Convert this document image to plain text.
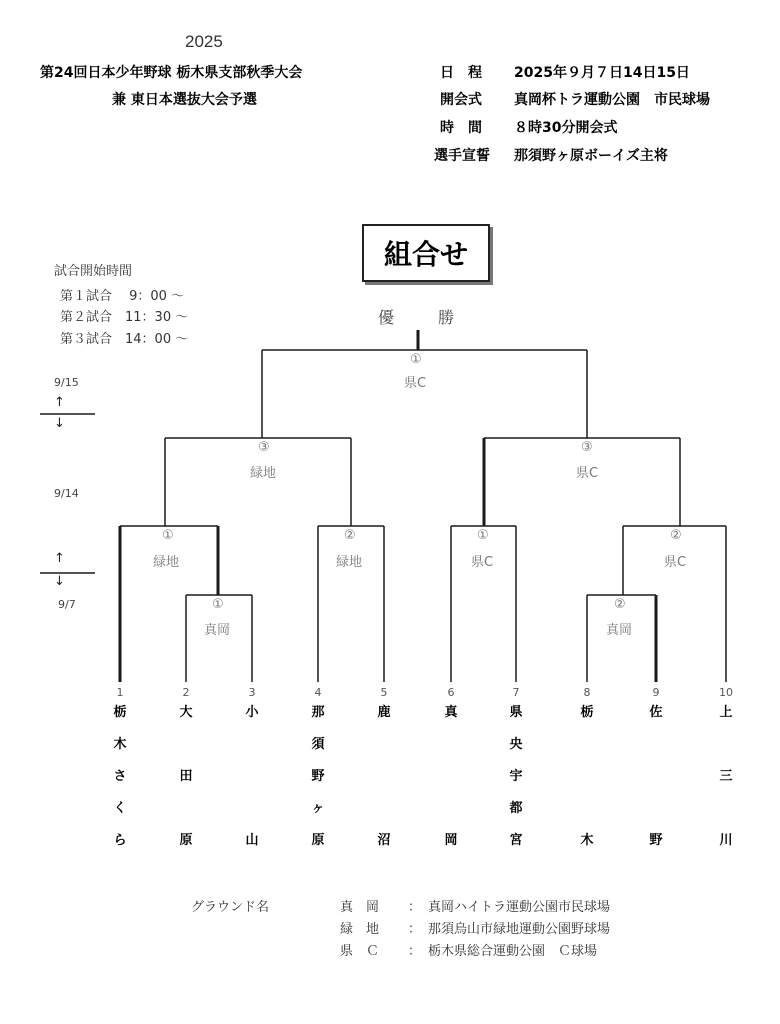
2025
第24回日本少年野球 栃木県支部秋季大会
兼 東日本選抜大会予選
日　程	2025年９月７日14日15日
開会式	真岡杯トラ運動公園　市民球場
時　間	８時30分開会式
選手宣誓	那須野ヶ原ボーイズ主将
組合せ
試合開始時間
第１試合　 9：00 ～
第２試合　11：30 ～
第３試合　14：00 ～
優	勝
9/15
↑
↓
9/14
↑
↓
9/7
①
県C
③
緑地
③
県C
①
緑地
②
緑地
①
県C
②
県C
①
真岡
②
真岡
1
栃
木
さ
く
ら
2
大
田
原
3
小
山
4
那
須
野
ヶ
原
5
鹿
沼
6
真
岡
7
県
央
宇
都
宮
8
栃
木
9
佐
野
10
上
三
川
グラウンド名	真　岡 ： 真岡ハイトラ運動公園市民球場
緑　地 ： 那須烏山市緑地運動公園野球場
県　Ｃ ： 栃木県総合運動公園　Ｃ球場
